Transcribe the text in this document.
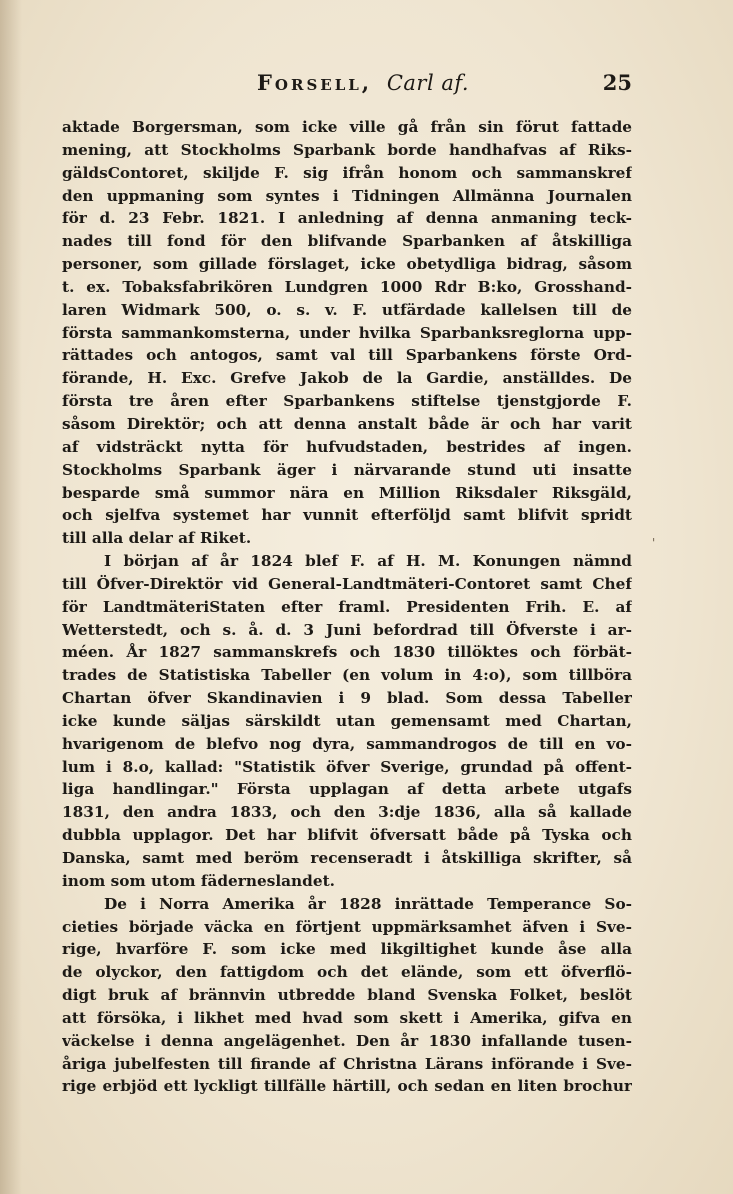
Forsell, Carl af.	25
aktade Borgersman, som icke ville gå från sin förut fattade
mening, att Stockholms Sparbank borde handhafvas af Riks-
gäldsContoret, skiljde F. sig ifrån honom och sammanskref
den uppmaning som syntes i Tidningen Allmänna Journalen
för d. 23 Febr. 1821. I anledning af denna anmaning teck-
nades till fond för den blifvande Sparbanken af åtskilliga
personer, som gillade förslaget, icke obetydliga bidrag, såsom
t. ex. Tobaksfabrikören Lundgren 1000 Rdr B:ko, Grosshand-
laren Widmark 500, o. s. v. F. utfärdade kallelsen till de
första sammankomsterna, under hvilka Sparbanksreglorna upp-
rättades och antogos, samt val till Sparbankens förste Ord-
förande, H. Exc. Grefve Jakob de la Gardie, anställdes. De
första tre åren efter Sparbankens stiftelse tjenstgjorde F.
såsom Direktör; och att denna anstalt både är och har varit
af vidsträckt nytta för hufvudstaden, bestrides af ingen.
Stockholms Sparbank äger i närvarande stund uti insatte
besparde små summor nära en Million Riksdaler Riksgäld,
och sjelfva systemet har vunnit efterföljd samt blifvit spridt
till alla delar af Riket.
I början af år 1824 blef F. af H. M. Konungen nämnd
till Öfver-Direktör vid General-Landtmäteri-Contoret samt Chef
för LandtmäteriStaten efter framl. Presidenten Frih. E. af
Wetterstedt, och s. å. d. 3 Juni befordrad till Öfverste i ar-
méen. År 1827 sammanskrefs och 1830 tillöktes och förbät-
trades de Statistiska Tabeller (en volum in 4:o), som tillböra
Chartan öfver Skandinavien i 9 blad. Som dessa Tabeller
icke kunde säljas särskildt utan gemensamt med Chartan,
hvarigenom de blefvo nog dyra, sammandrogos de till en vo-
lum i 8.o, kallad: "Statistik öfver Sverige, grundad på offent-
liga handlingar." Första upplagan af detta arbete utgafs
1831, den andra 1833, och den 3:dje 1836, alla så kallade
dubbla upplagor. Det har blifvit öfversatt både på Tyska och
Danska, samt med beröm recenseradt i åtskilliga skrifter, så
inom som utom fäderneslandet.
De i Norra Amerika år 1828 inrättade Temperance So-
cieties började väcka en förtjent uppmärksamhet äfven i Sve-
rige, hvarföre F. som icke med likgiltighet kunde åse alla
de olyckor, den fattigdom och det elände, som ett öfverflö-
digt bruk af brännvin utbredde bland Svenska Folket, beslöt
att försöka, i likhet med hvad som skett i Amerika, gifva en
väckelse i denna angelägenhet. Den år 1830 infallande tusen-
åriga jubelfesten till firande af Christna Lärans införande i Sve-
rige erbjöd ett lyckligt tillfälle härtill, och sedan en liten brochur
'
